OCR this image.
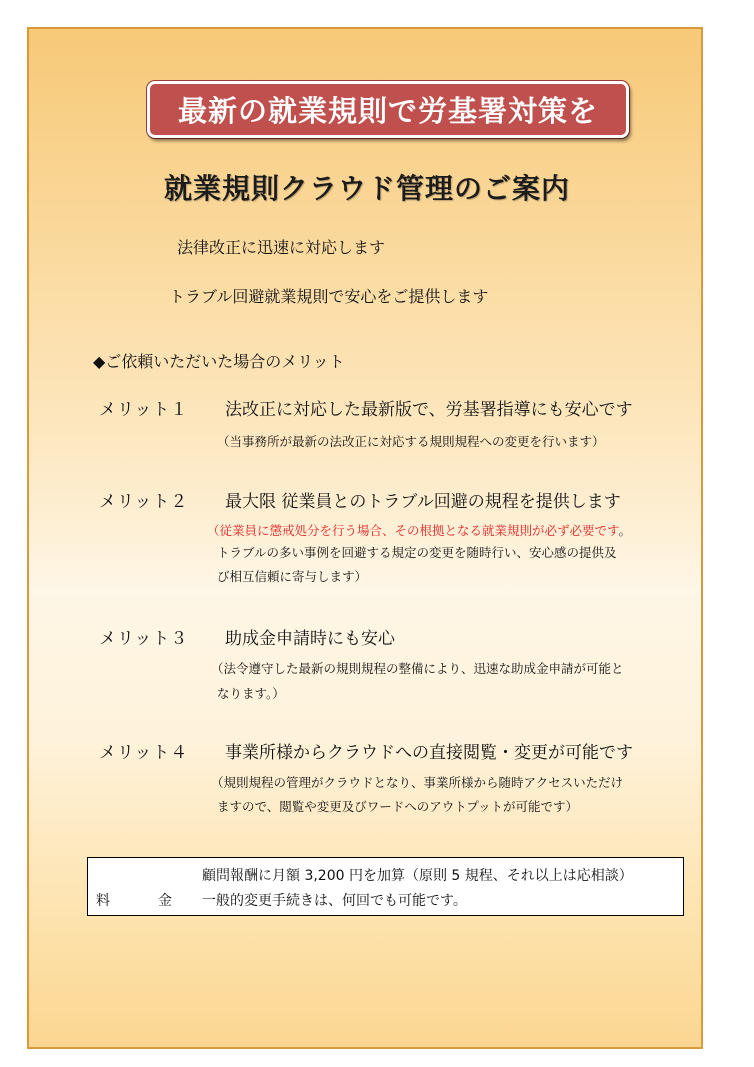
最新の就業規則で労基署対策を
就業規則クラウド管理のご案内
法律改正に迅速に対応します
トラブル回避就業規則で安心をご提供します
◆ご依頼いただいた場合のメリット
メリット１ 法改正に対応した最新版で、労基署指導にも安心です
（当事務所が最新の法改正に対応する規則規程への変更を行います）
メリット２ 最大限 従業員とのトラブル回避の規程を提供します
（従業員に懲戒処分を行う場合、その根拠となる就業規則が必ず必要です。
トラブルの多い事例を回避する規定の変更を随時行い、安心感の提供及
び相互信頼に寄与します）
メリット３ 助成金申請時にも安心
（法令遵守した最新の規則規程の整備により、迅速な助成金申請が可能と
なります。）
メリット４ 事業所様からクラウドへの直接閲覧・変更が可能です
（規則規程の管理がクラウドとなり、事業所様から随時アクセスいただけ
ますので、閲覧や変更及びワードへのアウトプットが可能です）
顧問報酬に月額 3,200 円を加算（原則 5 規程、それ以上は応相談）
料	金 一般的変更手続きは、何回でも可能です。
